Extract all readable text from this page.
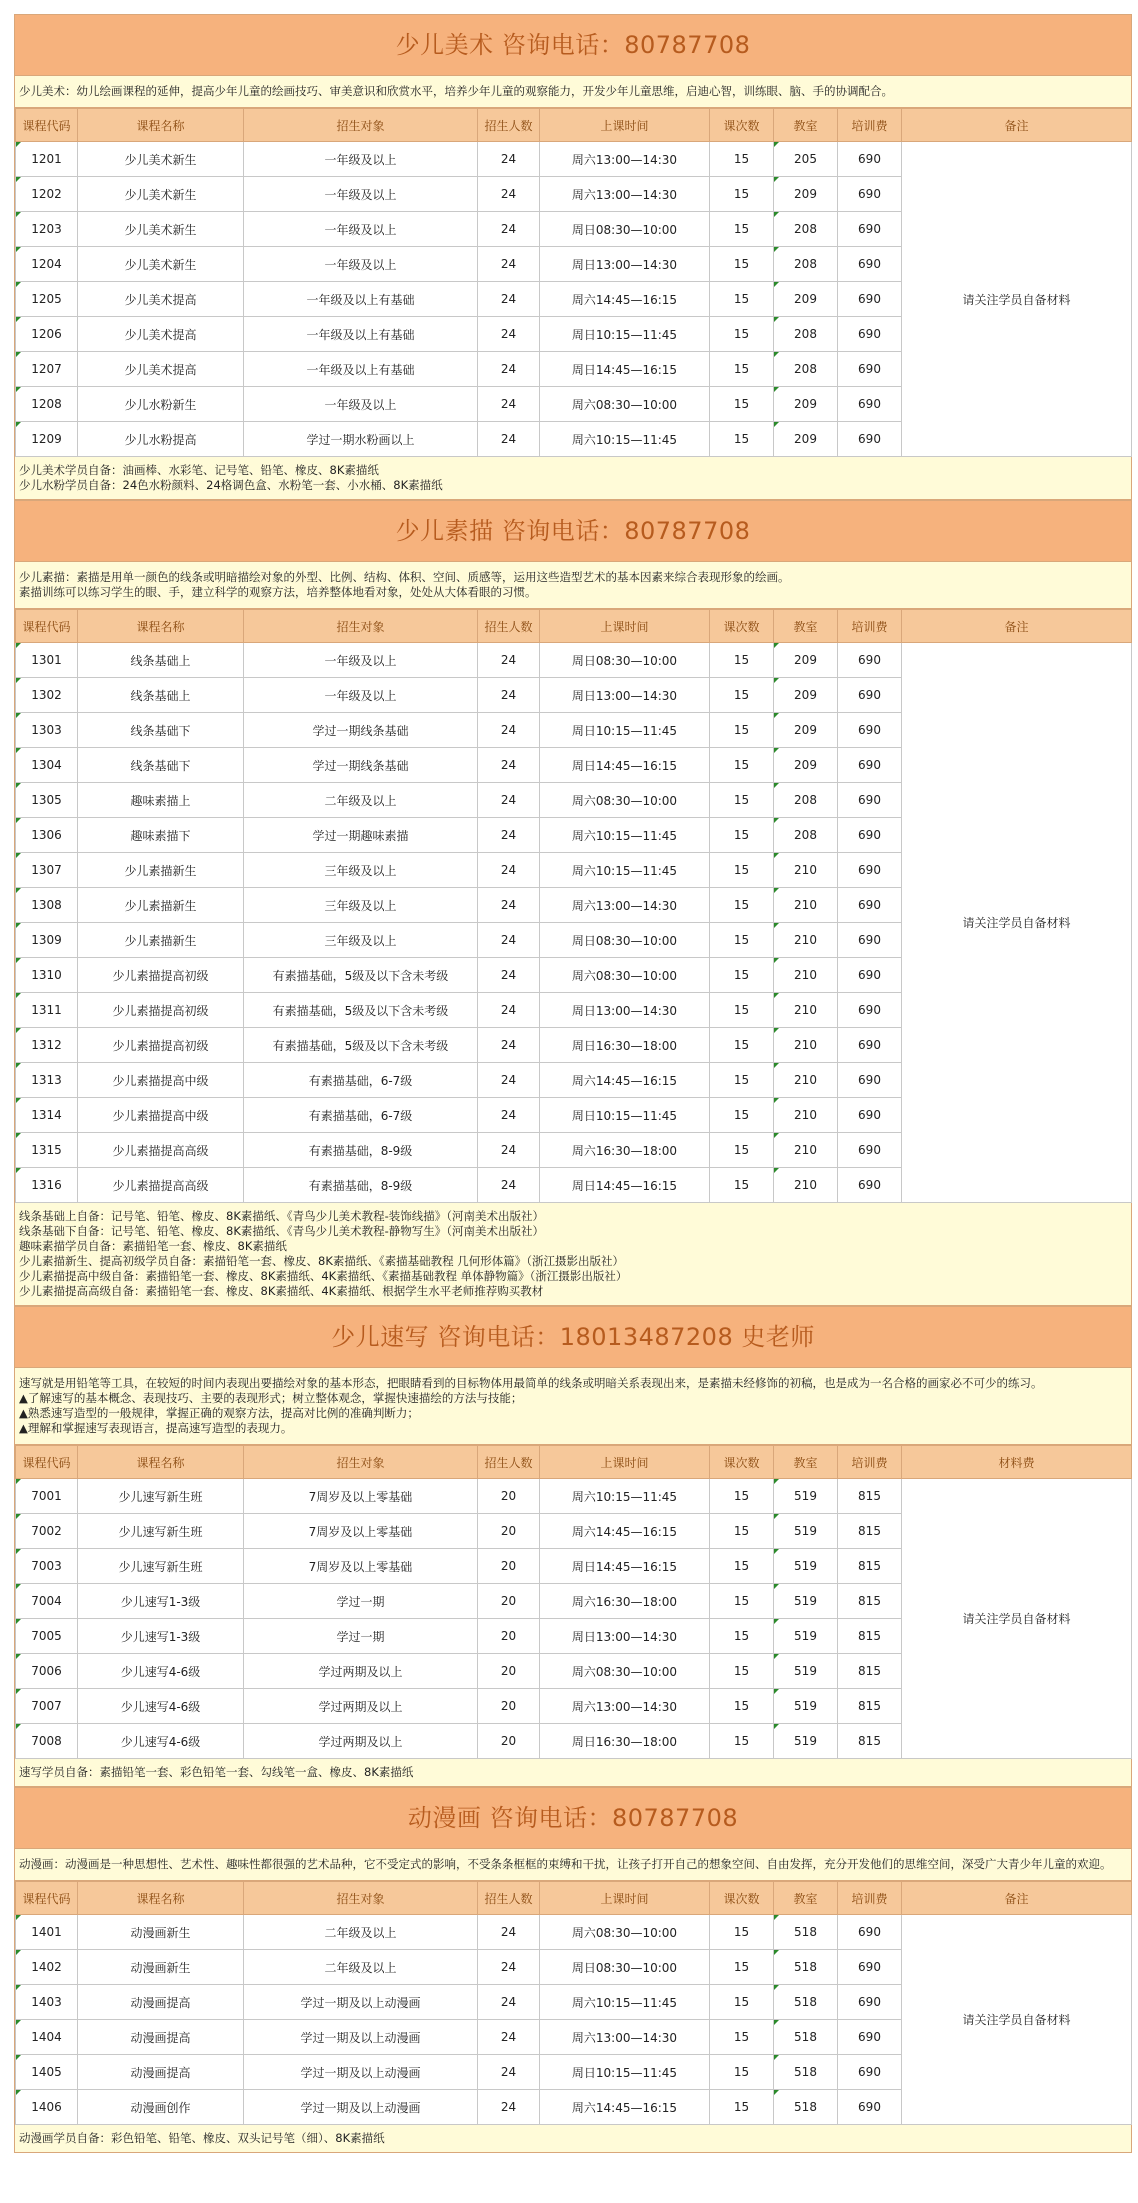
少儿美术 咨询电话：80787708
少儿美术：幼儿绘画课程的延伸，提高少年儿童的绘画技巧、审美意识和欣赏水平，培养少年儿童的观察能力，开发少年儿童思维，启迪心智，训练眼、脑、手的协调配合。
课程代码	课程名称	招生对象	招生人数	上课时间	课次数	教室	培训费	备注
1201	少儿美术新生	一年级及以上	24	周六13:00—14:30	15	205	690	请关注学员自备材料
1202	少儿美术新生	一年级及以上	24	周六13:00—14:30	15	209	690	
1203	少儿美术新生	一年级及以上	24	周日08:30—10:00	15	208	690	
1204	少儿美术新生	一年级及以上	24	周日13:00—14:30	15	208	690	
1205	少儿美术提高	一年级及以上有基础	24	周六14:45—16:15	15	209	690	
1206	少儿美术提高	一年级及以上有基础	24	周日10:15—11:45	15	208	690	
1207	少儿美术提高	一年级及以上有基础	24	周日14:45—16:15	15	208	690	
1208	少儿水粉新生	一年级及以上	24	周六08:30—10:00	15	209	690	
1209	少儿水粉提高	学过一期水粉画以上	24	周六10:15—11:45	15	209	690	
少儿美术学员自备：油画棒、水彩笔、记号笔、铅笔、橡皮、8K素描纸
少儿水粉学员自备：24色水粉颜料、24格调色盒、水粉笔一套、小水桶、8K素描纸
少儿素描 咨询电话：80787708
少儿素描：素描是用单一颜色的线条或明暗描绘对象的外型、比例、结构、体积、空间、质感等，运用这些造型艺术的基本因素来综合表现形象的绘画。
素描训练可以练习学生的眼、手，建立科学的观察方法，培养整体地看对象，处处从大体看眼的习惯。
课程代码	课程名称	招生对象	招生人数	上课时间	课次数	教室	培训费	备注
1301	线条基础上	一年级及以上	24	周日08:30—10:00	15	209	690	请关注学员自备材料
1302	线条基础上	一年级及以上	24	周日13:00—14:30	15	209	690	
1303	线条基础下	学过一期线条基础	24	周日10:15—11:45	15	209	690	
1304	线条基础下	学过一期线条基础	24	周日14:45—16:15	15	209	690	
1305	趣味素描上	二年级及以上	24	周六08:30—10:00	15	208	690	
1306	趣味素描下	学过一期趣味素描	24	周六10:15—11:45	15	208	690	
1307	少儿素描新生	三年级及以上	24	周六10:15—11:45	15	210	690	
1308	少儿素描新生	三年级及以上	24	周六13:00—14:30	15	210	690	
1309	少儿素描新生	三年级及以上	24	周日08:30—10:00	15	210	690	
1310	少儿素描提高初级	有素描基础，5级及以下含未考级	24	周六08:30—10:00	15	210	690	
1311	少儿素描提高初级	有素描基础，5级及以下含未考级	24	周日13:00—14:30	15	210	690	
1312	少儿素描提高初级	有素描基础，5级及以下含未考级	24	周日16:30—18:00	15	210	690	
1313	少儿素描提高中级	有素描基础，6-7级	24	周六14:45—16:15	15	210	690	
1314	少儿素描提高中级	有素描基础，6-7级	24	周日10:15—11:45	15	210	690	
1315	少儿素描提高高级	有素描基础，8-9级	24	周六16:30—18:00	15	210	690	
1316	少儿素描提高高级	有素描基础，8-9级	24	周日14:45—16:15	15	210	690	
线条基础上自备：记号笔、铅笔、橡皮、8K素描纸、《青鸟少儿美术教程-装饰线描》（河南美术出版社）
线条基础下自备：记号笔、铅笔、橡皮、8K素描纸、《青鸟少儿美术教程-静物写生》（河南美术出版社）
趣味素描学员自备：素描铅笔一套、橡皮、8K素描纸
少儿素描新生、提高初级学员自备：素描铅笔一套、橡皮、8K素描纸、《素描基础教程 几何形体篇》（浙江摄影出版社）
少儿素描提高中级自备：素描铅笔一套、橡皮、8K素描纸、4K素描纸、《素描基础教程 单体静物篇》（浙江摄影出版社）
少儿素描提高高级自备：素描铅笔一套、橡皮、8K素描纸、4K素描纸、根据学生水平老师推荐购买教材
少儿速写 咨询电话：18013487208 史老师
速写就是用铅笔等工具，在较短的时间内表现出要描绘对象的基本形态，把眼睛看到的目标物体用最简单的线条或明暗关系表现出来，是素描未经修饰的初稿，也是成为一名合格的画家必不可少的练习。
▲了解速写的基本概念、表现技巧、主要的表现形式；树立整体观念，掌握快速描绘的方法与技能；
▲熟悉速写造型的一般规律，掌握正确的观察方法，提高对比例的准确判断力；
▲理解和掌握速写表现语言，提高速写造型的表现力。
课程代码	课程名称	招生对象	招生人数	上课时间	课次数	教室	培训费	材料费
7001	少儿速写新生班	7周岁及以上零基础	20	周六10:15—11:45	15	519	815	请关注学员自备材料
7002	少儿速写新生班	7周岁及以上零基础	20	周六14:45—16:15	15	519	815	
7003	少儿速写新生班	7周岁及以上零基础	20	周日14:45—16:15	15	519	815	
7004	少儿速写1-3级	学过一期	20	周六16:30—18:00	15	519	815	
7005	少儿速写1-3级	学过一期	20	周日13:00—14:30	15	519	815	
7006	少儿速写4-6级	学过两期及以上	20	周六08:30—10:00	15	519	815	
7007	少儿速写4-6级	学过两期及以上	20	周六13:00—14:30	15	519	815	
7008	少儿速写4-6级	学过两期及以上	20	周日16:30—18:00	15	519	815	
速写学员自备：素描铅笔一套、彩色铅笔一套、勾线笔一盒、橡皮、8K素描纸
动漫画 咨询电话：80787708
动漫画：动漫画是一种思想性、艺术性、趣味性都很强的艺术品种，它不受定式的影响，不受条条框框的束缚和干扰，让孩子打开自己的想象空间、自由发挥，充分开发他们的思维空间，深受广大青少年儿童的欢迎。
课程代码	课程名称	招生对象	招生人数	上课时间	课次数	教室	培训费	备注
1401	动漫画新生	二年级及以上	24	周六08:30—10:00	15	518	690	请关注学员自备材料
1402	动漫画新生	二年级及以上	24	周日08:30—10:00	15	518	690	
1403	动漫画提高	学过一期及以上动漫画	24	周六10:15—11:45	15	518	690	
1404	动漫画提高	学过一期及以上动漫画	24	周六13:00—14:30	15	518	690	
1405	动漫画提高	学过一期及以上动漫画	24	周日10:15—11:45	15	518	690	
1406	动漫画创作	学过一期及以上动漫画	24	周六14:45—16:15	15	518	690	
动漫画学员自备：彩色铅笔、铅笔、橡皮、双头记号笔（细）、8K素描纸
